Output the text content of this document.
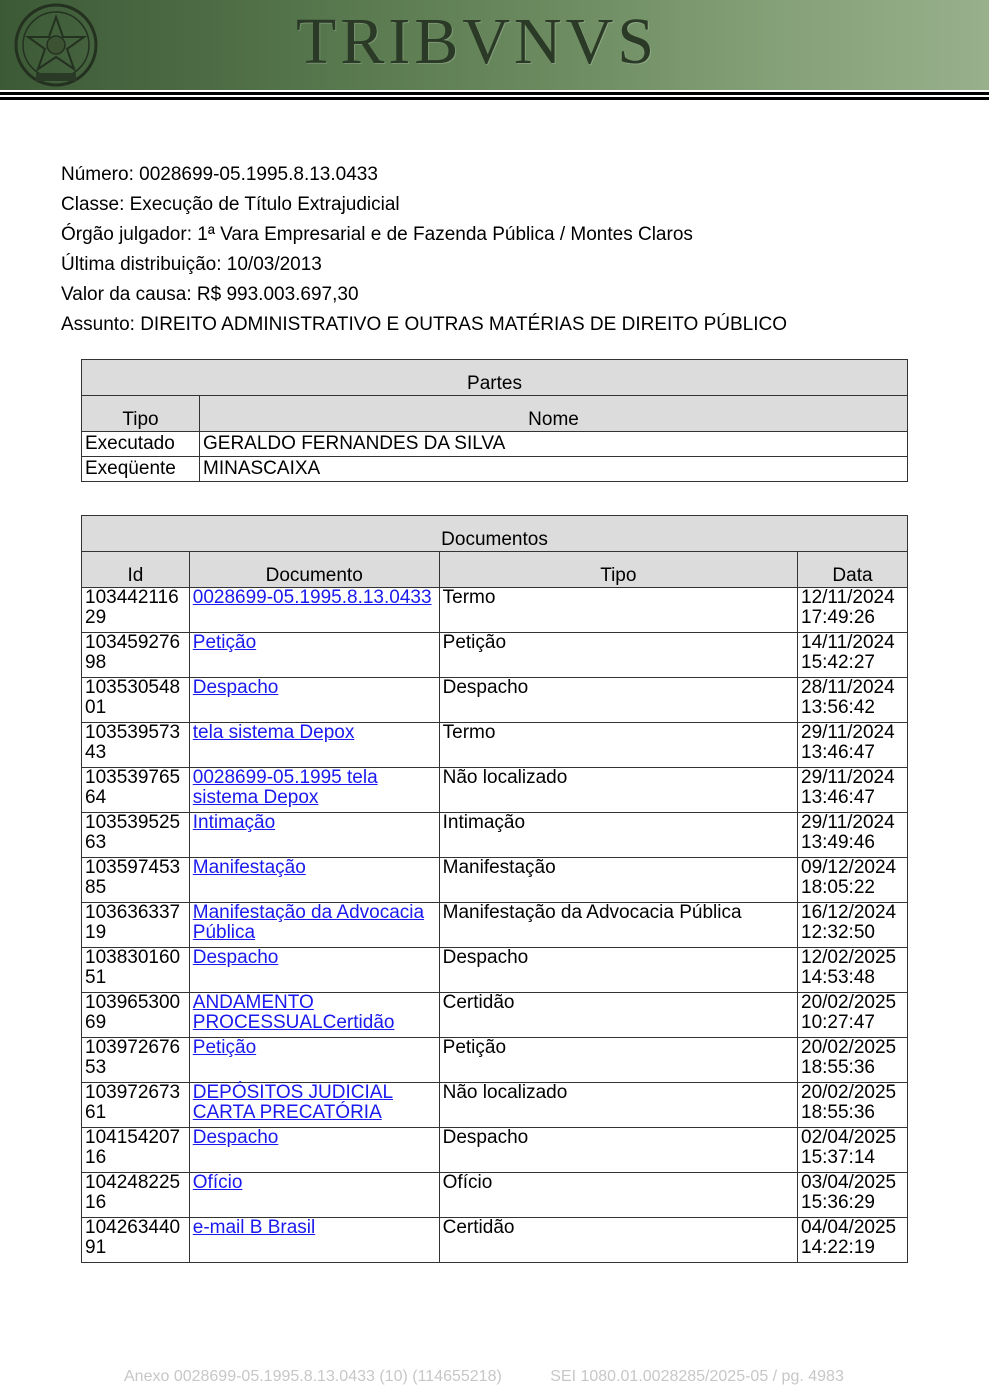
TRIBVNVS
Número: 0028699-05.1995.8.13.0433
Classe: Execução de Título Extrajudicial
Órgão julgador: 1ª Vara Empresarial e de Fazenda Pública / Montes Claros
Última distribuição: 10/03/2013
Valor da causa: R$ 993.003.697,30
Assunto: DIREITO ADMINISTRATIVO E OUTRAS MATÉRIAS DE DIREITO PÚBLICO
Partes	
Tipo	Nome
Executado	GERALDO FERNANDES DA SILVA
Exeqüente	MINASCAIXA
Documentos			
Id	Documento	Tipo	Data
10344211629	0028699-05.1995.8.13.0433	Termo	12/11/2024 17:49:26
10345927698	Petição	Petição	14/11/2024 15:42:27
10353054801	Despacho	Despacho	28/11/2024 13:56:42
10353957343	tela sistema Depox	Termo	29/11/2024 13:46:47
10353976564	0028699-05.1995 tela sistema Depox	Não localizado	29/11/2024 13:46:47
10353952563	Intimação	Intimação	29/11/2024 13:49:46
10359745385	Manifestação	Manifestação	09/12/2024 18:05:22
10363633719	Manifestação da Advocacia Pública	Manifestação da Advocacia Pública	16/12/2024 12:32:50
10383016051	Despacho	Despacho	12/02/2025 14:53:48
10396530069	ANDAMENTO PROCESSUALCertidão	Certidão	20/02/2025 10:27:47
10397267653	Petição	Petição	20/02/2025 18:55:36
10397267361	DEPÓSITOS JUDICIAL CARTA PRECATÓRIA	Não localizado	20/02/2025 18:55:36
10415420716	Despacho	Despacho	02/04/2025 15:37:14
10424822516	Ofício	Ofício	03/04/2025 15:36:29
10426344091	e-mail B Brasil	Certidão	04/04/2025 14:22:19
Anexo 0028699-05.1995.8.13.0433 (10) (114655218)	SEI 1080.01.0028285/2025-05 / pg. 4983
